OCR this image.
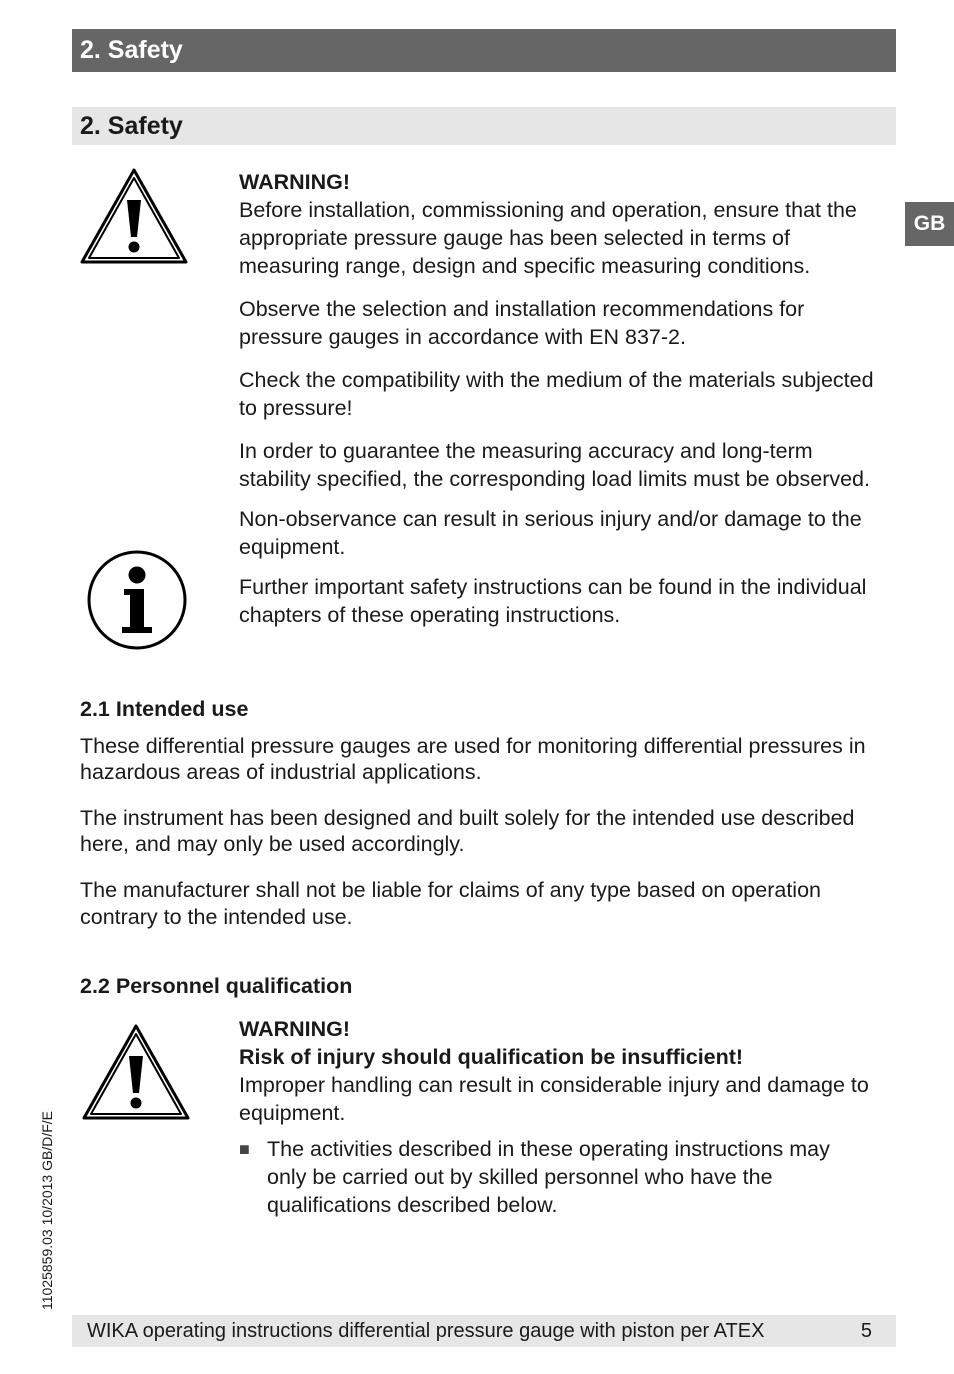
2. Safety
2. Safety
GB

WARNING!

Before installation, commissioning and operation, ensure that the appropriate pressure gauge has been selected in terms of measuring range, design and specific measuring conditions.

Observe the selection and installation recommendations for pressure gauges in accordance with EN 837-2.

Check the compatibility with the medium of the materials subjected to pressure!

In order to guarantee the measuring accuracy and long-term stability specified, the corresponding load limits must be observed.

Non-observance can result in serious injury and/or damage to the equipment.

Further important safety instructions can be found in the individual chapters of these operating instructions.

2.1 Intended use

These differential pressure gauges are used for monitoring differential pressures in hazardous areas of industrial applications.

The instrument has been designed and built solely for the intended use described here, and may only be used accordingly.

The manufacturer shall not be liable for claims of any type based on operation contrary to the intended use.

2.2 Personnel qualification

WARNING!

Risk of injury should qualification be insufficient!

Improper handling can result in considerable injury and damage to equipment.

■ The activities described in these operating instructions may only be carried out by skilled personnel who have the qualifications described below.

11025859.03 10/2013 GB/D/F/E
WIKA operating instructions differential pressure gauge with piston per ATEX	5
